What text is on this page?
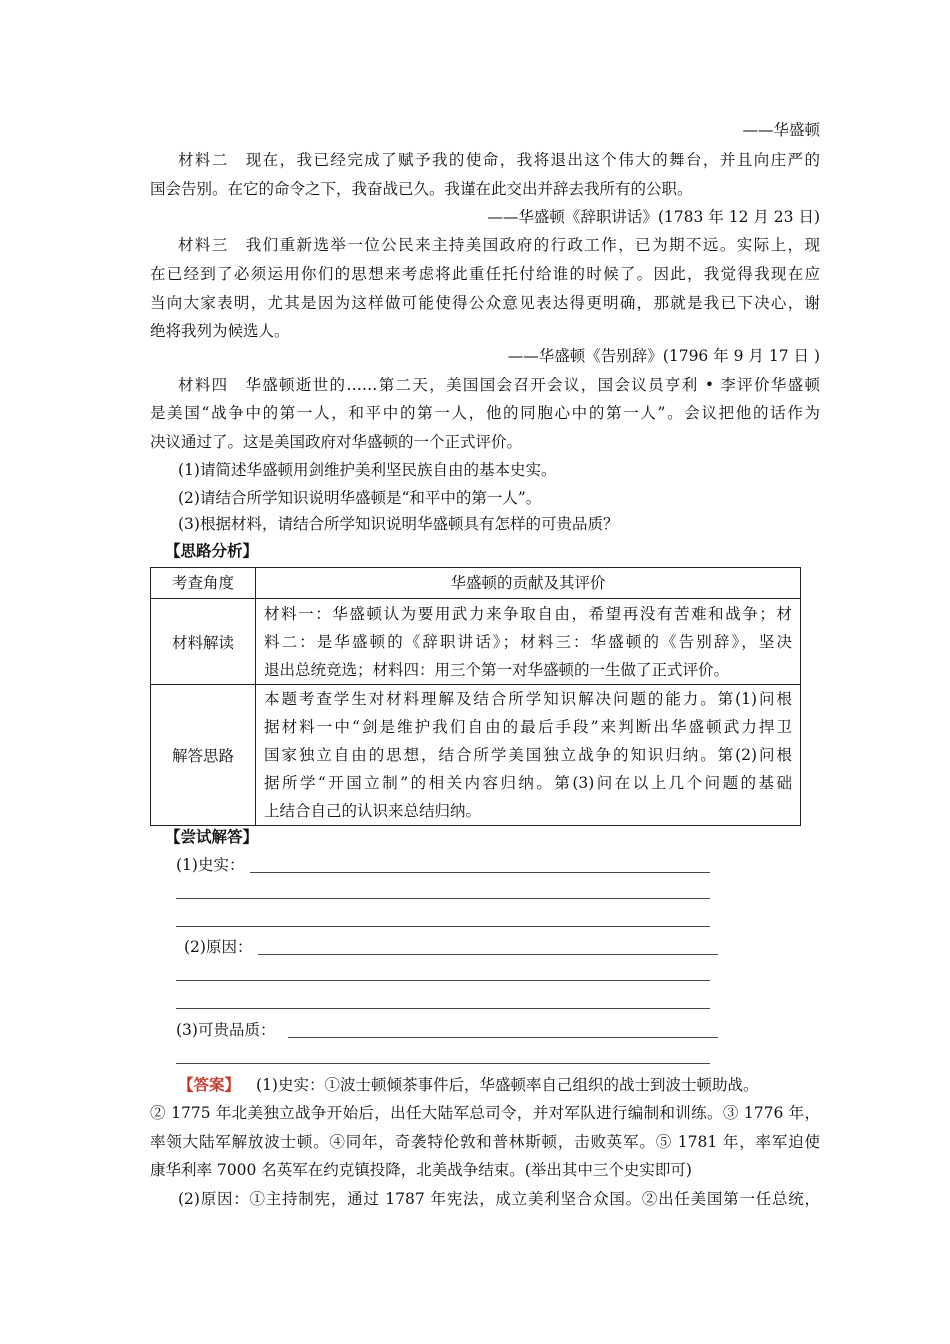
——华盛顿
材料二　现在，我已经完成了赋予我的使命，我将退出这个伟大的舞台，并且向庄严的
国会告别。在它的命令之下，我奋战已久。我谨在此交出并辞去我所有的公职。
——华盛顿《辞职讲话》(1783 年 12 月 23 日)
材料三　我们重新选举一位公民来主持美国政府的行政工作，已为期不远。实际上，现
在已经到了必须运用你们的思想来考虑将此重任托付给谁的时候了。因此，我觉得我现在应
当向大家表明，尤其是因为这样做可能使得公众意见表达得更明确，那就是我已下决心，谢
绝将我列为候选人。
——华盛顿《告别辞》(1796 年 9 月 17 日 )
材料四　华盛顿逝世的……第二天，美国国会召开会议，国会议员亨利 • 李评价华盛顿
是美国“战争中的第一人，和平中的第一人，他的同胞心中的第一人”。会议把他的话作为
决议通过了。这是美国政府对华盛顿的一个正式评价。
(1)请简述华盛顿用剑维护美利坚民族自由的基本史实。
(2)请结合所学知识说明华盛顿是“和平中的第一人”。
(3)根据材料，请结合所学知识说明华盛顿具有怎样的可贵品质？
【思路分析】
考查角度	华盛顿的贡献及其评价
材料解读	材料一：华盛顿认为要用武力来争取自由，希望再没有苦难和战争；材
料二：是华盛顿的《辞职讲话》；材料三：华盛顿的《告别辞》，坚决
退出总统竞选；材料四：用三个第一对华盛顿的一生做了正式评价。

解答思路	本题考查学生对材料理解及结合所学知识解决问题的能力。第(1)问根
据材料一中“剑是维护我们自由的最后手段”来判断出华盛顿武力捍卫
国家独立自由的思想，结合所学美国独立战争的知识归纳。第(2)问根
据所学“开国立制”的相关内容归纳。第(3)问在以上几个问题的基础
上结合自己的认识来总结归纳。
【尝试解答】
(1)史实：
(2)原因：
(3)可贵品质：
【答案】 (1)史实：①波士顿倾茶事件后，华盛顿率自己组织的战士到波士顿助战。
② 1775 年北美独立战争开始后，出任大陆军总司令，并对军队进行编制和训练。③ 1776 年，
率领大陆军解放波士顿。④同年，奇袭特伦敦和普林斯顿，击败英军。⑤ 1781 年，率军迫使
康华利率 7000 名英军在约克镇投降，北美战争结束。(举出其中三个史实即可)
(2)原因：①主持制宪，通过 1787 年宪法，成立美利坚合众国。②出任美国第一任总统，
